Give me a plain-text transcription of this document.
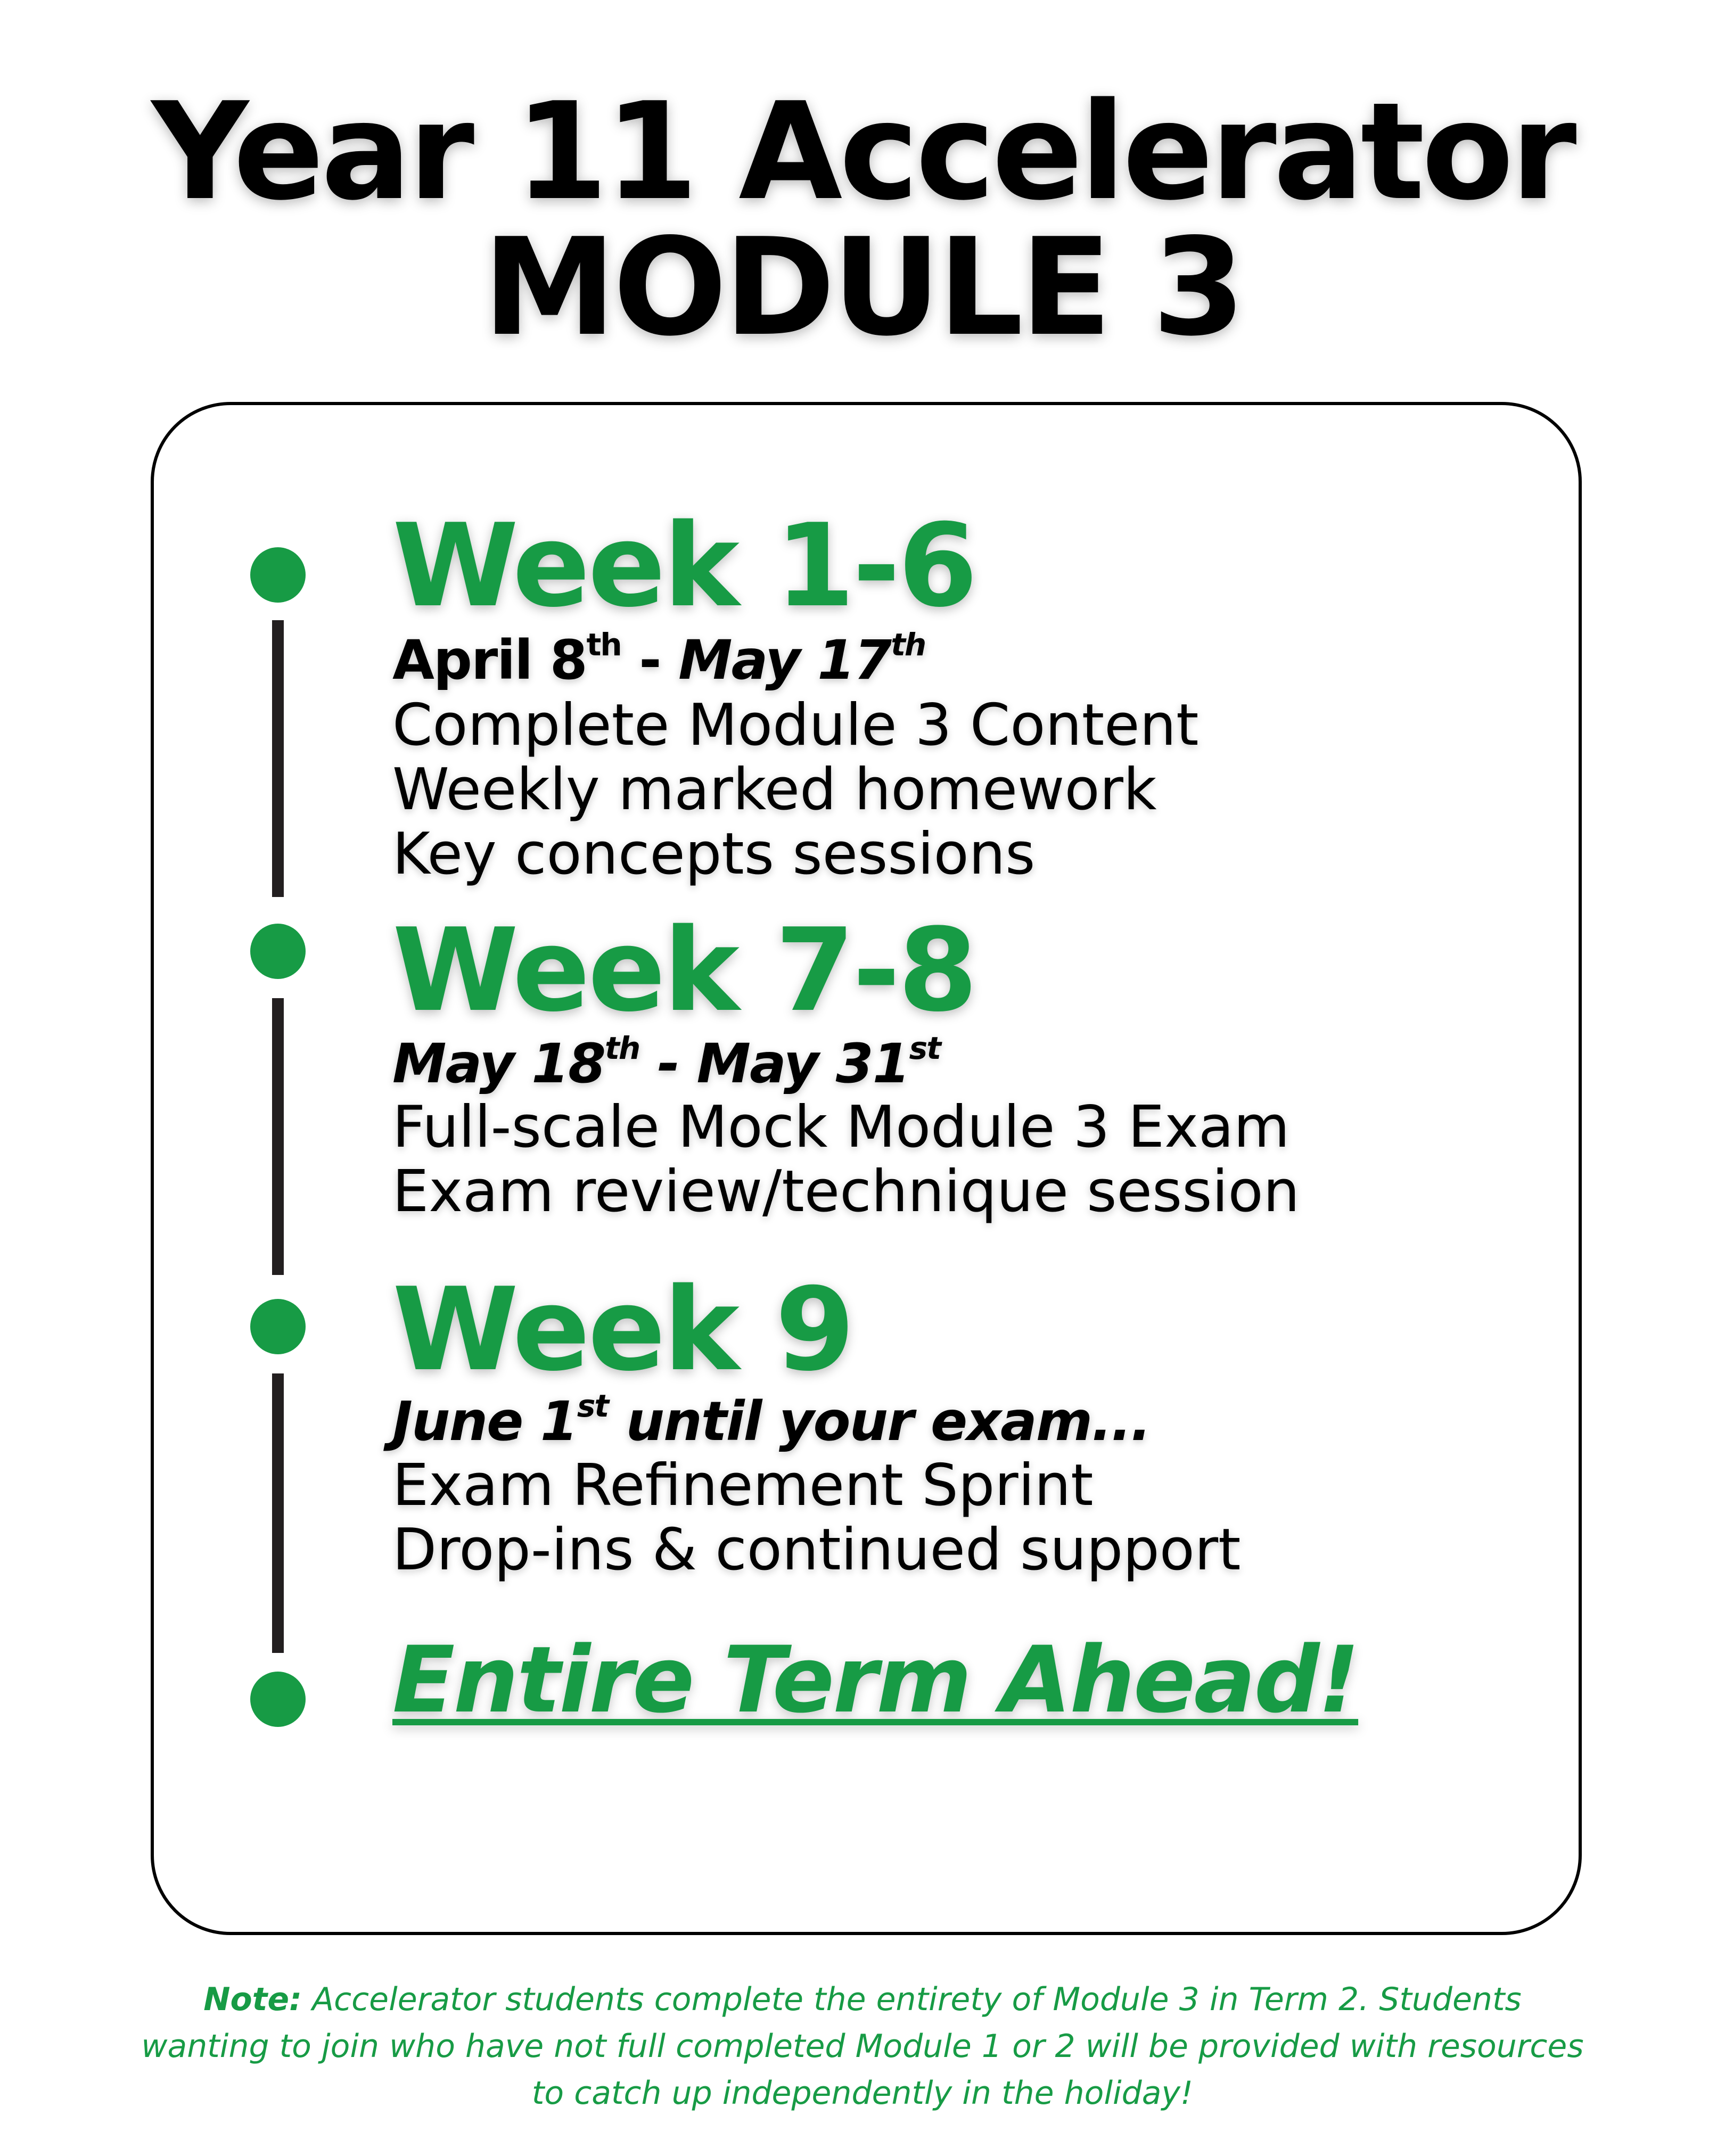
Year 11 Accelerator
MODULE 3
Week 1-6

April 8th - May 17th

Complete Module 3 Content
Weekly marked homework
Key concepts sessions
Week 7-8

May 18th - May 31st

Full-scale Mock Module 3 Exam
Exam review/technique session
Week 9

June 1st until your exam...

Exam Refinement Sprint
Drop-ins & continued support
Entire Term Ahead!

Note: Accelerator students complete the entirety of Module 3 in Term 2. Students wanting to join who have not full completed Module 1 or 2 will be provided with resources to catch up independently in the holiday!
